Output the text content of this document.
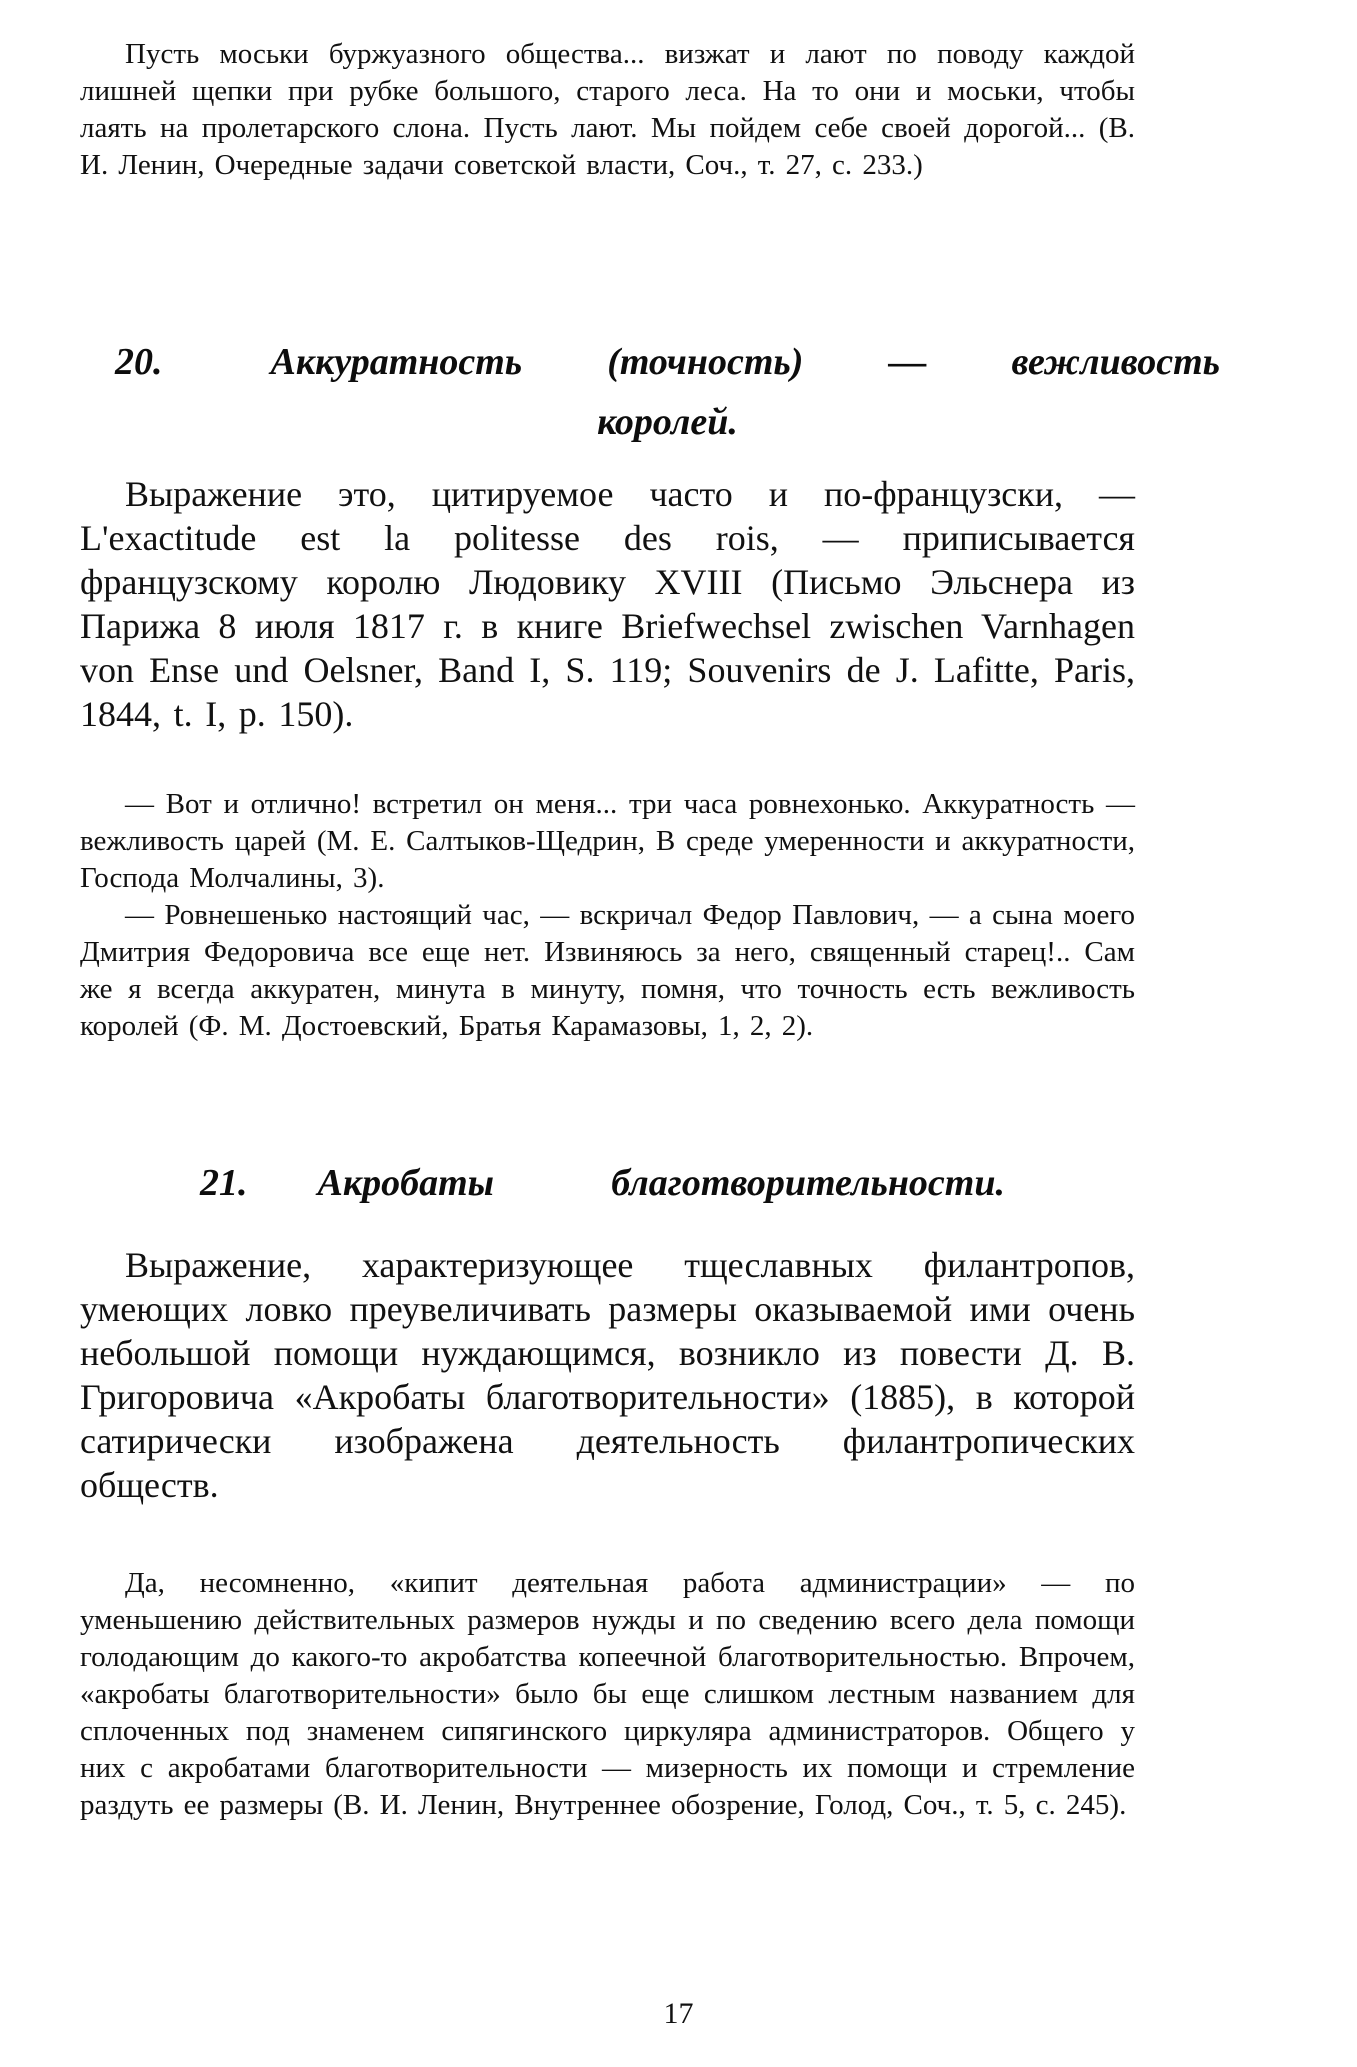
Пусть моськи буржуазного общества... визжат и лают по поводу каждой лишней щепки при рубке большого, старого леса. На то они и моськи, чтобы лаять на пролетарского слона. Пусть лают. Мы пойдем себе своей дорогой... (В. И. Ленин, Очередные задачи советской власти, Соч., т. 27, с. 233.)

20.	Аккуратность (точность) — вежливость
королей.

Выражение это, цитируемое часто и по-французски, — L'exactitude est la politesse des rois, — приписывается французскому королю Людовику XVIII (Письмо Эльснера из Парижа 8 июля 1817 г. в книге Briefwechsel zwischen Varnhagen von Ense und Oelsner, Band I, S. 119; Souvenirs de J. Lafitte, Paris, 1844, t. I, p. 150).

— Вот и отлично! встретил он меня... три часа ровнехонько. Аккуратность — вежливость царей (М. Е. Салтыков-Щедрин, В среде умеренности и аккуратности, Господа Молчалины, 3).

— Ровнешенько настоящий час, — вскричал Федор Павлович, — а сына моего Дмитрия Федоровича все еще нет. Извиняюсь за него, священный старец!.. Сам же я всегда аккуратен, минута в минуту, помня, что точность есть вежливость королей (Ф. М. Достоевский, Братья Карамазовы, 1, 2, 2).

21. Акробаты благотворительности.

Выражение, характеризующее тщеславных филантропов, умеющих ловко преувеличивать размеры оказываемой ими очень небольшой помощи нуждающимся, возникло из повести Д. В. Григоровича «Акробаты благотворительности» (1885), в которой сатирически изображена деятельность филантропических обществ.

Да, несомненно, «кипит деятельная работа администрации» — по уменьшению действительных размеров нужды и по сведению всего дела помощи голодающим до какого-то акробатства копеечной благотворительностью. Впрочем, «акробаты благотворительности» было бы еще слишком лестным названием для сплоченных под знаменем сипягинского циркуляра администраторов. Общего у них с акробатами благотворительности — мизерность их помощи и стремление раздуть ее размеры (В. И. Ленин, Внутреннее обозрение, Голод, Соч., т. 5, с. 245).

17
